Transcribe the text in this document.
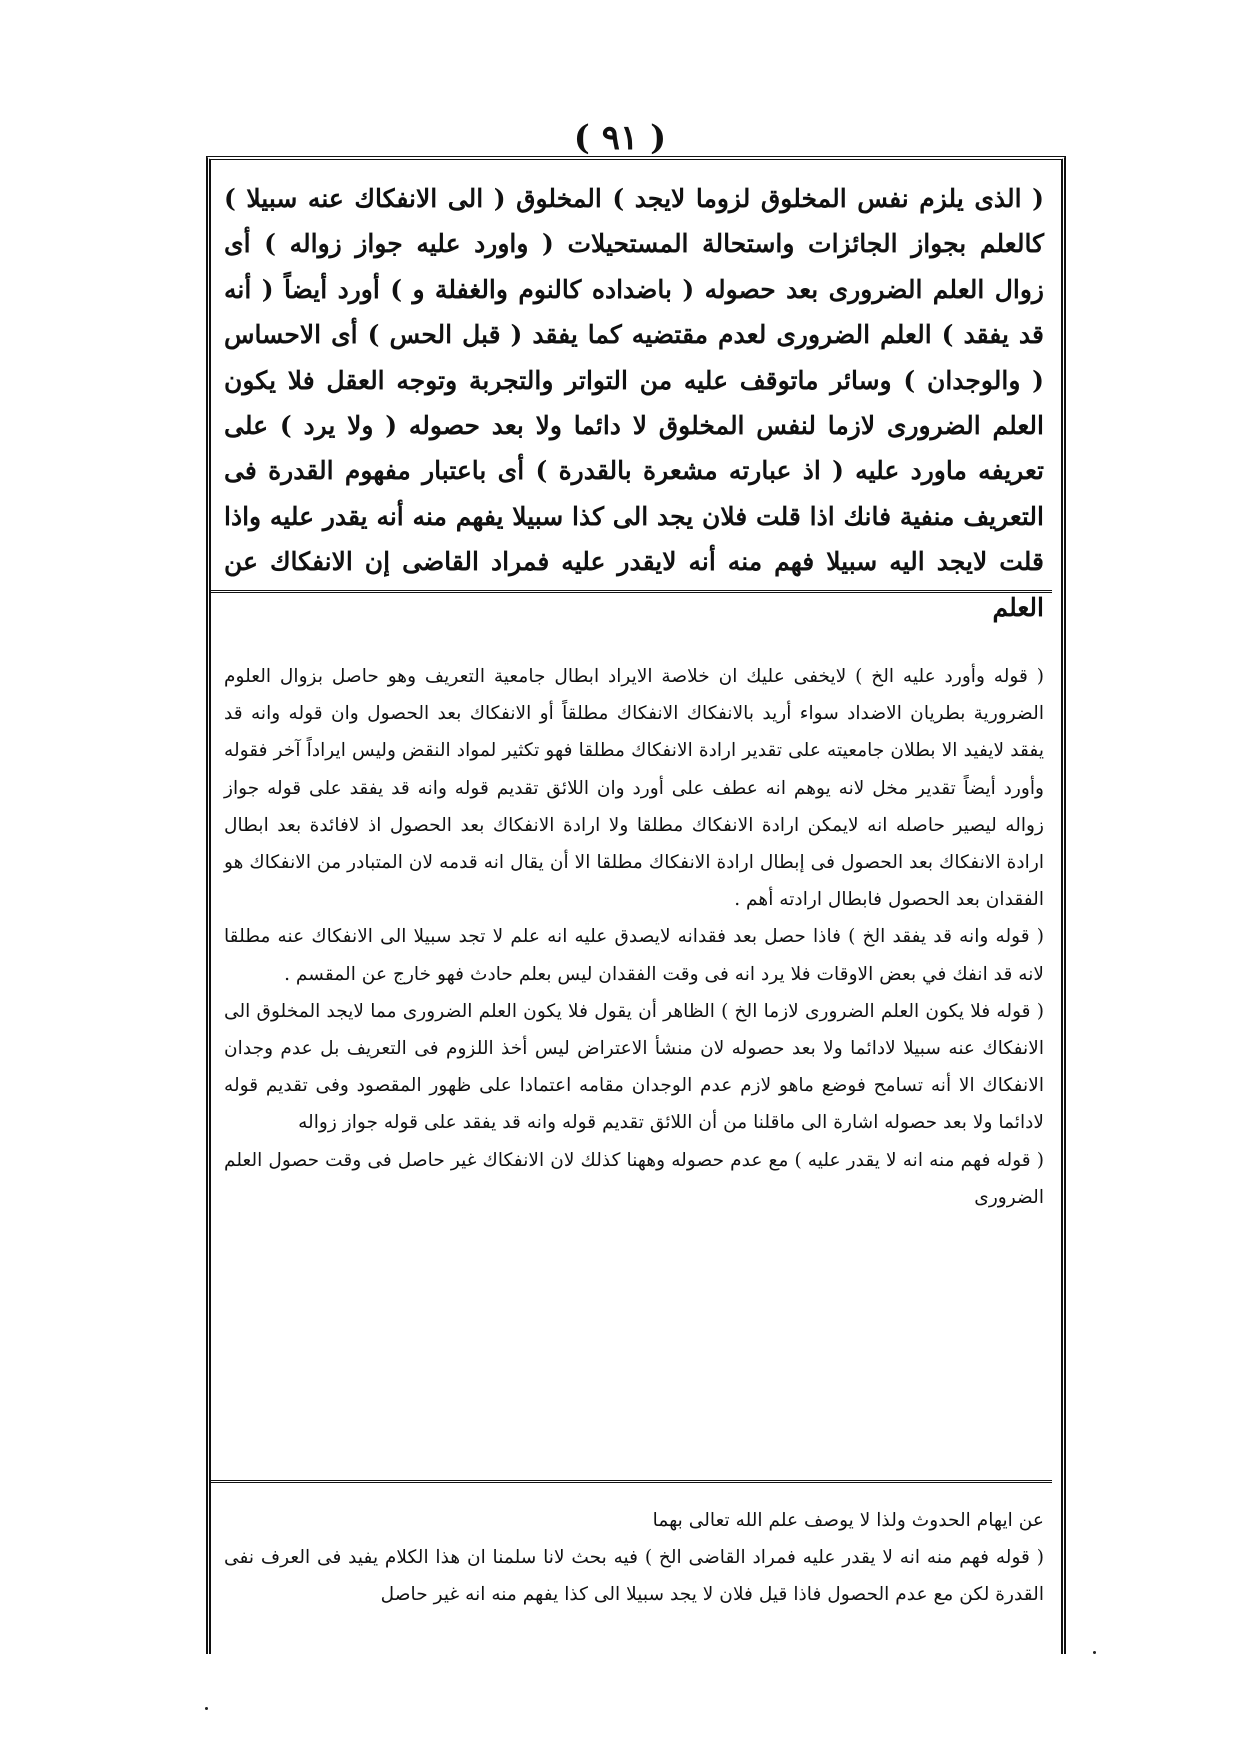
( ٩١ )
( الذى يلزم نفس المخلوق لزوما لايجد ) المخلوق ( الى الانفكاك عنه سبيلا ) كالعلم بجواز الجائزات واستحالة المستحيلات ( واورد عليه جواز زواله ) أى زوال العلم الضرورى بعد حصوله ( باضداده كالنوم والغفلة و ) أورد أيضاً ( أنه قد يفقد ) العلم الضرورى لعدم مقتضيه كما يفقد ( قبل الحس ) أى الاحساس ( والوجدان ) وسائر ماتوقف عليه من التواتر والتجربة وتوجه العقل فلا يكون العلم الضرورى لازما لنفس المخلوق لا دائما ولا بعد حصوله ( ولا يرد ) على تعريفه ماورد عليه ( اذ عبارته مشعرة بالقدرة ) أى باعتبار مفهوم القدرة فى التعريف منفية فانك اذا قلت فلان يجد الى كذا سبيلا يفهم منه أنه يقدر عليه واذا قلت لايجد اليه سبيلا فهم منه أنه لايقدر عليه فمراد القاضى إن الانفكاك عن العلم

( قوله وأورد عليه الخ ) لايخفى عليك ان خلاصة الايراد ابطال جامعية التعريف وهو حاصل بزوال العلوم الضرورية بطريان الاضداد سواء أريد بالانفكاك الانفكاك مطلقاً أو الانفكاك بعد الحصول وان قوله وانه قد يفقد لايفيد الا بطلان جامعيته على تقدير ارادة الانفكاك مطلقا فهو تكثير لمواد النقض وليس ايراداً آخر فقوله وأورد أيضاً تقدير مخل لانه يوهم انه عطف على أورد وان اللائق تقديم قوله وانه قد يفقد على قوله جواز زواله ليصير حاصله انه لايمكن ارادة الانفكاك مطلقا ولا ارادة الانفكاك بعد الحصول اذ لافائدة بعد ابطال ارادة الانفكاك بعد الحصول فى إبطال ارادة الانفكاك مطلقا الا أن يقال انه قدمه لان المتبادر من الانفكاك هو الفقدان بعد الحصول فابطال ارادته أهم .

( قوله وانه قد يفقد الخ ) فاذا حصل بعد فقدانه لايصدق عليه انه علم لا تجد سبيلا الى الانفكاك عنه مطلقا لانه قد انفك في بعض الاوقات فلا يرد انه فى وقت الفقدان ليس بعلم حادث فهو خارج عن المقسم .

( قوله فلا يكون العلم الضرورى لازما الخ ) الظاهر أن يقول فلا يكون العلم الضرورى مما لايجد المخلوق الى الانفكاك عنه سبيلا لادائما ولا بعد حصوله لان منشأ الاعتراض ليس أخذ اللزوم فى التعريف بل عدم وجدان الانفكاك الا أنه تسامح فوضع ماهو لازم عدم الوجدان مقامه اعتمادا على ظهور المقصود وفى تقديم قوله لادائما ولا بعد حصوله اشارة الى ماقلنا من أن اللائق تقديم قوله وانه قد يفقد على قوله جواز زواله

( قوله فهم منه انه لا يقدر عليه ) مع عدم حصوله وههنا كذلك لان الانفكاك غير حاصل فى وقت حصول العلم الضرورى

عن ايهام الحدوث ولذا لا يوصف علم الله تعالى بهما

( قوله فهم منه انه لا يقدر عليه فمراد القاضى الخ ) فيه بحث لانا سلمنا ان هذا الكلام يفيد فى العرف نفى القدرة لكن مع عدم الحصول فاذا قيل فلان لا يجد سبيلا الى كذا يفهم منه انه غير حاصل
